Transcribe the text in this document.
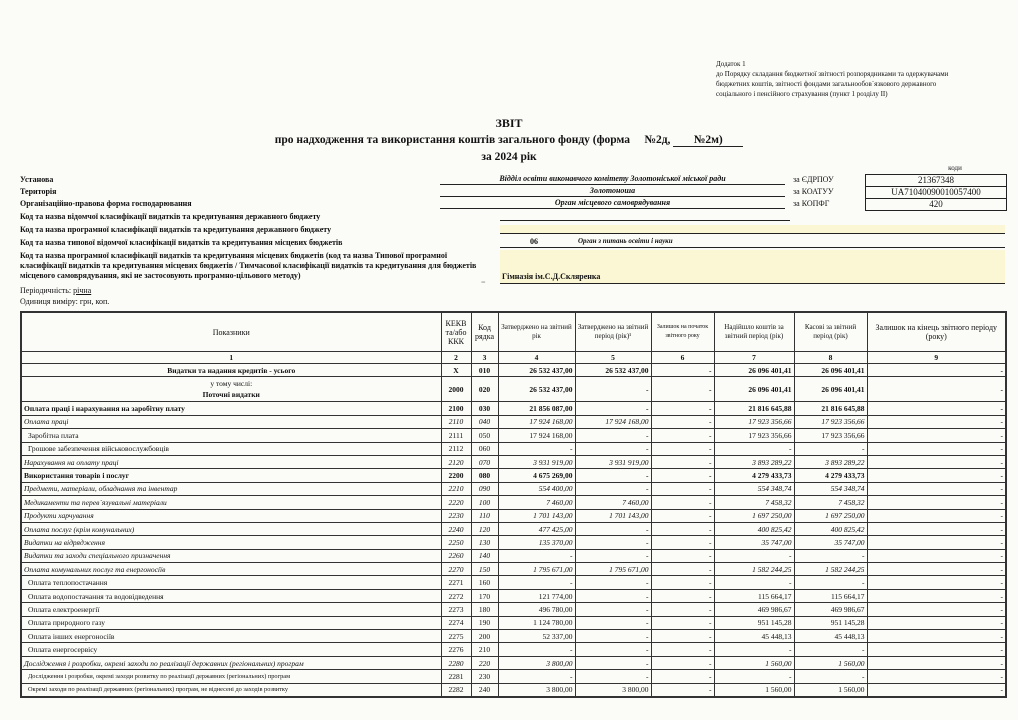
Додаток 1
до Порядку складання бюджетної звітності розпорядниками та одержувачами
бюджетних коштів, звітності фондами загальнообов`язкового державного
соціального і пенсійного страхування (пункт 1 розділу II)
ЗВІТ
про надходження та використання коштів загального фонду (форма №2д, №2м)
за 2024 рік
коди
Установа	Відділ освіти виконавчого комітету Золотоніської міської ради	за ЄДРПОУ	21367348
Територія	Золотоноша	за КОАТУУ	UA71040090010057400
Організаційно-правова форма господарювання	Орган місцевого самоврядування	за КОПФГ	420
Код та назва відомчої класифікації видатків та кредитування державного бюджету
Код та назва програмної класифікації видатків та кредитування державного бюджету
Код та назва типової відомчої класифікації видатків та кредитування місцевих бюджетів	06	Орган з питань освіти і науки
Код та назва програмної класифікації видатків та кредитування місцевих бюджетів (код та назва Типової програмної класифікації видатків та кредитування місцевих бюджетів / Тимчасової класифікації видатків та кредитування для бюджетів місцевого самоврядування, які не застосовують програмно-цільового методу)
=
Гімназія ім.С.Д.Скляренка
Періодичність: річна
Одиниця виміру: грн, коп.
Показники	КЕКВ та/або ККК	Код рядка	Затверджено на звітний рік	Затверджено на звітний період (рік)¹	Залишок на початок звітного року	Надійшло коштів за звітний період (рік)	Касові за звітний період (рік)	Залишок на кінець звітного періоду (року)
1	2	3	4	5	6	7	8	9
Видатки та надання кредитів - усього	X	010	26 532 437,00	26 532 437,00	-	26 096 401,41	26 096 401,41	-

у тому числі:
Поточні видатки	2000	020	26 532 437,00	-	-	26 096 401,41	26 096 401,41	-
Оплата праці і нарахування на заробітну плату	2100	030	21 856 087,00	-	-	21 816 645,88	21 816 645,88	-
Оплата праці	2110	040	17 924 168,00	17 924 168,00	-	17 923 356,66	17 923 356,66	-
Заробітна плата	2111	050	17 924 168,00	-	-	17 923 356,66	17 923 356,66	-
Грошове забезпечення військовослужбовців	2112	060	-	-	-	-	-	-
Нарахування на оплату праці	2120	070	3 931 919,00	3 931 919,00	-	3 893 289,22	3 893 289,22	-
Використання товарів і послуг	2200	080	4 675 269,00	-	-	4 279 433,73	4 279 433,73	-
Предмети, матеріали, обладнання та інвентар	2210	090	554 400,00	-	-	554 348,74	554 348,74	-
Медикаменти та перев`язувальні матеріали	2220	100	7 460,00	7 460,00	-	7 458,32	7 458,32	-
Продукти харчування	2230	110	1 701 143,00	1 701 143,00	-	1 697 250,00	1 697 250,00	-
Оплата послуг (крім комунальних)	2240	120	477 425,00	-	-	400 825,42	400 825,42	-
Видатки на відрядження	2250	130	135 370,00	-	-	35 747,00	35 747,00	-
Видатки та заходи спеціального призначення	2260	140	-	-	-	-	-	-
Оплата комунальних послуг та енергоносіїв	2270	150	1 795 671,00	1 795 671,00	-	1 582 244,25	1 582 244,25	-
Оплата теплопостачання	2271	160	-	-	-	-	-	-
Оплата водопостачання та водовідведення	2272	170	121 774,00	-	-	115 664,17	115 664,17	-
Оплата електроенергії	2273	180	496 780,00	-	-	469 986,67	469 986,67	-
Оплата природного газу	2274	190	1 124 780,00	-	-	951 145,28	951 145,28	-
Оплата інших енергоносіїв	2275	200	52 337,00	-	-	45 448,13	45 448,13	-
Оплата енергосервісу	2276	210	-	-	-	-	-	-
Дослідження і розробки, окремі заходи по реалізації державних (регіональних) програм	2280	220	3 800,00	-	-	1 560,00	1 560,00	-
Дослідження і розробки, окремі заходи розвитку по реалізації державних (регіональних) програм	2281	230	-	-	-	-	-	-
Окремі заходи по реалізації державних (регіональних) програм, не віднесені до заходів розвитку	2282	240	3 800,00	3 800,00	-	1 560,00	1 560,00	-
